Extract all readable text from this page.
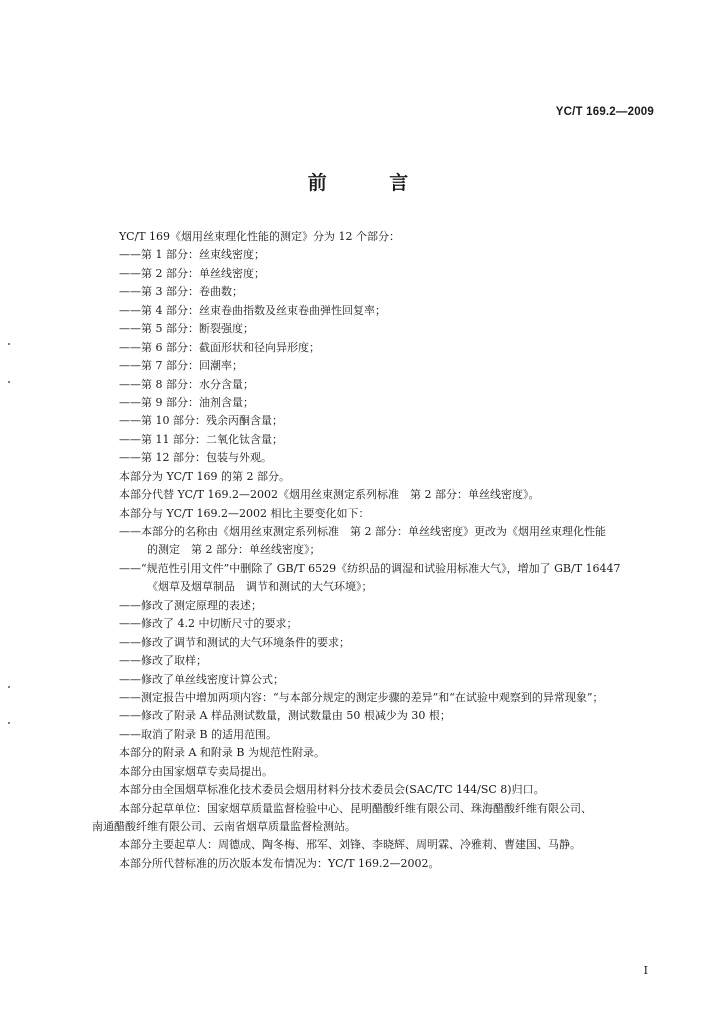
YC/T 169.2—2009
前 言
YC/T 169《烟用丝束理化性能的测定》分为 12 个部分：
——第 1 部分：丝束线密度；
——第 2 部分：单丝线密度；
——第 3 部分：卷曲数；
——第 4 部分：丝束卷曲指数及丝束卷曲弹性回复率；
——第 5 部分：断裂强度；
——第 6 部分：截面形状和径向异形度；
——第 7 部分：回潮率；
——第 8 部分：水分含量；
——第 9 部分：油剂含量；
——第 10 部分：残余丙酮含量；
——第 11 部分：二氧化钛含量；
——第 12 部分：包装与外观。
本部分为 YC/T 169 的第 2 部分。
本部分代替 YC/T 169.2—2002《烟用丝束测定系列标准　第 2 部分：单丝线密度》。
本部分与 YC/T 169.2—2002 相比主要变化如下：
——本部分的名称由《烟用丝束测定系列标准　第 2 部分：单丝线密度》更改为《烟用丝束理化性能
的测定　第 2 部分：单丝线密度》；
——“规范性引用文件”中删除了 GB/T 6529《纺织品的调湿和试验用标准大气》，增加了 GB/T 16447
《烟草及烟草制品　调节和测试的大气环境》；
——修改了测定原理的表述；
——修改了 4.2 中切断尺寸的要求；
——修改了调节和测试的大气环境条件的要求；
——修改了取样；
——修改了单丝线密度计算公式；
——测定报告中增加两项内容：“与本部分规定的测定步骤的差异”和“在试验中观察到的异常现象”；
——修改了附录 A 样品测试数量，测试数量由 50 根减少为 30 根；
——取消了附录 B 的适用范围。
本部分的附录 A 和附录 B 为规范性附录。
本部分由国家烟草专卖局提出。
本部分由全国烟草标准化技术委员会烟用材料分技术委员会(SAC/TC 144/SC 8)归口。
本部分起草单位：国家烟草质量监督检验中心、昆明醋酸纤维有限公司、珠海醋酸纤维有限公司、
南通醋酸纤维有限公司、云南省烟草质量监督检测站。
本部分主要起草人：周德成、陶冬梅、邢军、刘锋、李晓辉、周明霖、冷雅莉、曹建国、马静。
本部分所代替标准的历次版本发布情况为：YC/T 169.2—2002。
I
